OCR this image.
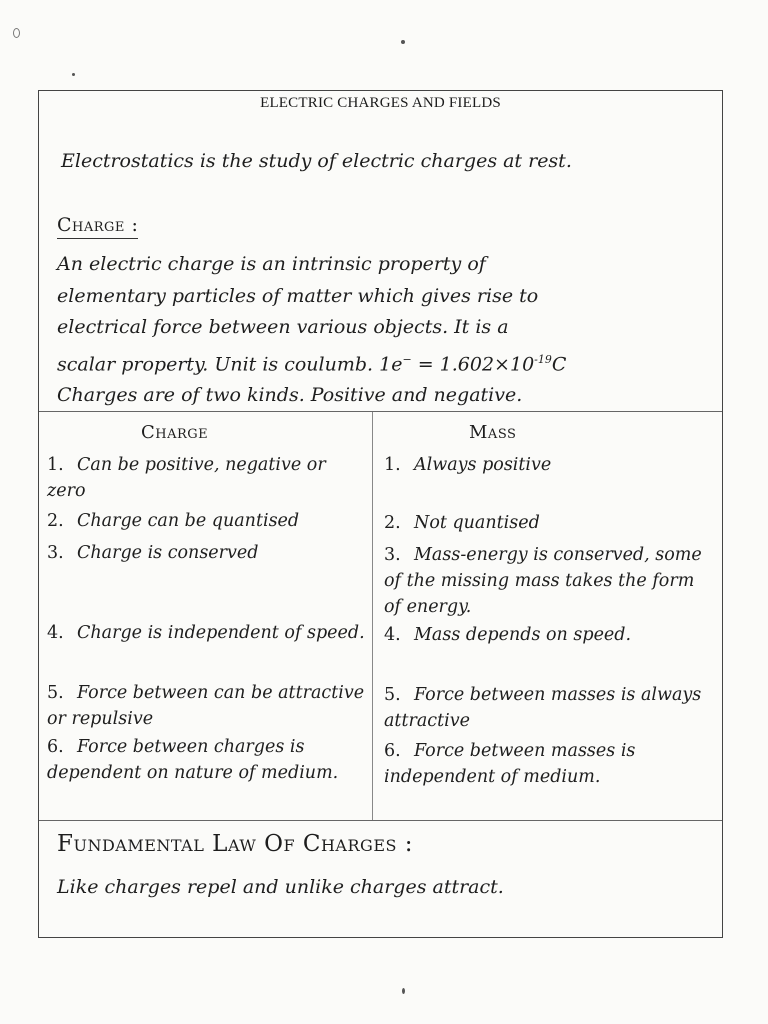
ELECTRIC CHARGES AND FIELDS
Electrostatics is the study of electric charges at rest.
Charge :
An electric charge is an intrinsic property of
elementary particles of matter which gives rise to
electrical force between various objects. It is a
scalar property. Unit is coulumb. $1e^- = 1.602\times 10^{-19}C$
Charges are of two kinds. Positive and negative.
Charge	Mass
1. Can be positive, negative or zero
2. Charge can be quantised
3. Charge is conserved
4. Charge is independent of speed.
5. Force between can be attractive or repulsive
6. Force between charges is dependent on nature of medium.
1. Always positive
2. Not quantised
3. Mass-energy is conserved, some of the missing mass takes the form of energy.
4. Mass depends on speed.
5. Force between masses is always attractive
6. Force between masses is independent of medium.
Fundamental Law Of Charges :
Like charges repel and unlike charges attract.
